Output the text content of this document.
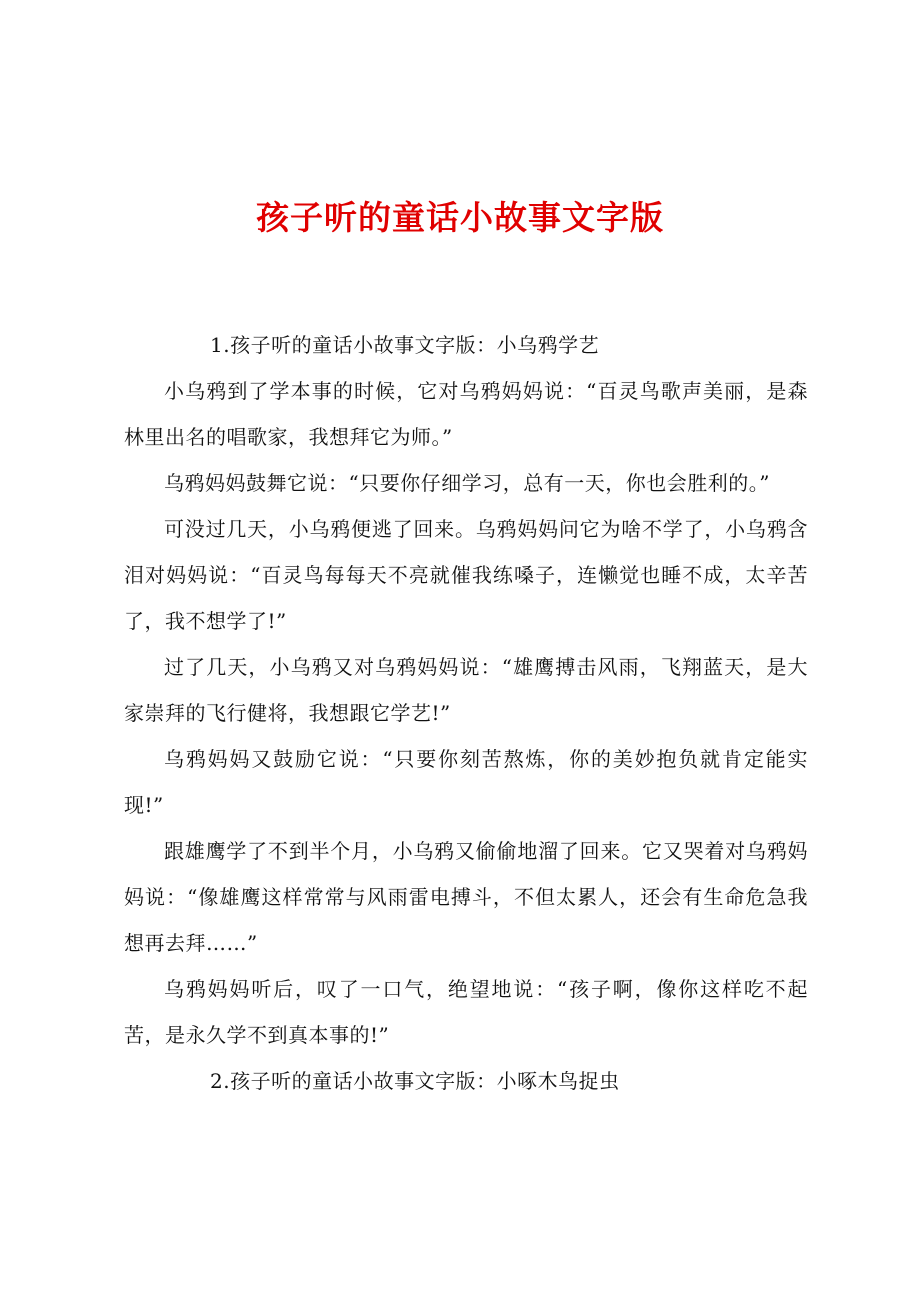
孩子听的童话小故事文字版

1.孩子听的童话小故事文字版：小乌鸦学艺

小乌鸦到了学本事的时候，它对乌鸦妈妈说：“百灵鸟歌声美丽，是森林里出名的唱歌家，我想拜它为师。”

乌鸦妈妈鼓舞它说：“只要你仔细学习，总有一天，你也会胜利的。”

可没过几天，小乌鸦便逃了回来。乌鸦妈妈问它为啥不学了，小乌鸦含泪对妈妈说：“百灵鸟每每天不亮就催我练嗓子，连懒觉也睡不成，太辛苦了，我不想学了!”

过了几天，小乌鸦又对乌鸦妈妈说：“雄鹰搏击风雨，飞翔蓝天，是大家崇拜的飞行健将，我想跟它学艺!”

乌鸦妈妈又鼓励它说：“只要你刻苦熬炼，你的美妙抱负就肯定能实现!”

跟雄鹰学了不到半个月，小乌鸦又偷偷地溜了回来。它又哭着对乌鸦妈妈说：“像雄鹰这样常常与风雨雷电搏斗，不但太累人，还会有生命危急我想再去拜……”

乌鸦妈妈听后，叹了一口气，绝望地说：“孩子啊，像你这样吃不起苦，是永久学不到真本事的!”

2.孩子听的童话小故事文字版：小啄木鸟捉虫
